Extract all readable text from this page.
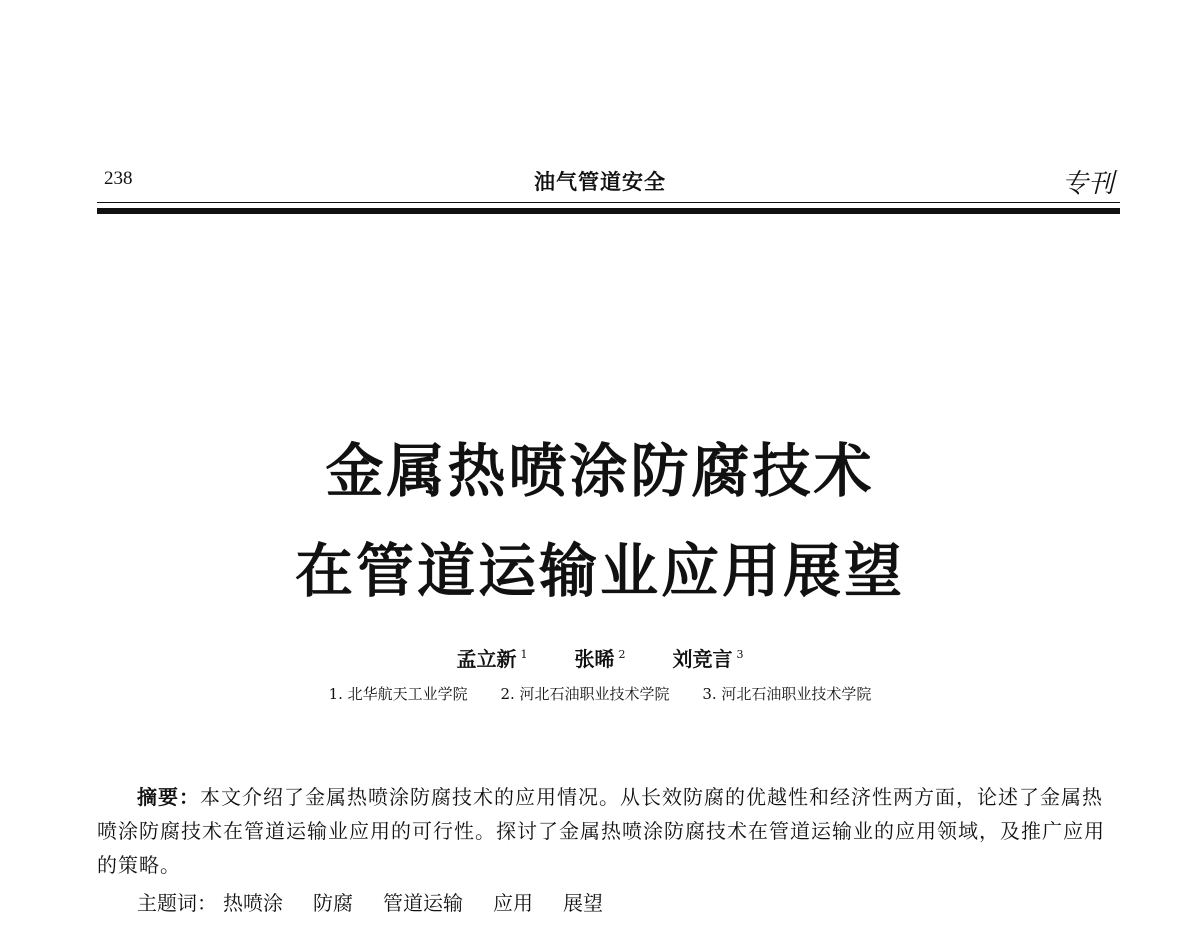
238	油气管道安全	专刊
金属热喷涂防腐技术
在管道运输业应用展望
孟立新 $^1$ 张晞 $^2$ 刘竞言 $^3$
1. 北华航天工业学院 2. 河北石油职业技术学院 3. 河北石油职业技术学院

摘要：本文介绍了金属热喷涂防腐技术的应用情况。从长效防腐的优越性和经济性两方面，论述了金属热喷涂防腐技术在管道运输业应用的可行性。探讨了金属热喷涂防腐技术在管道运输业的应用领域，及推广应用的策略。

主题词： 热喷涂 防腐 管道运输 应用 展望
